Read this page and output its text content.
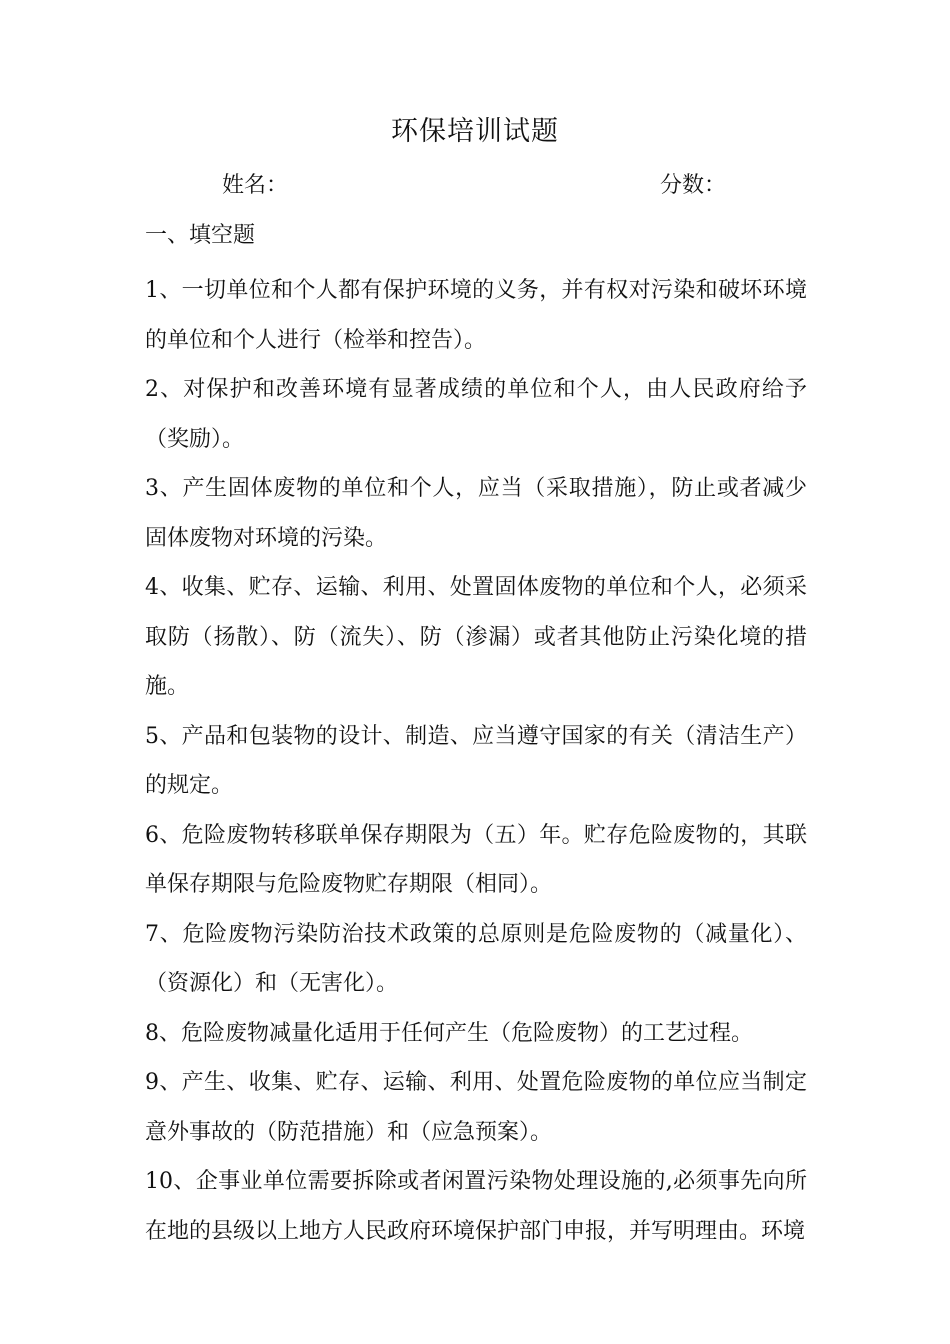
环保培训试题
姓名：	分数：
一、填空题

1、一切单位和个人都有保护环境的义务，并有权对污染和破坏环境的单位和个人进行（检举和控告）。

2、对保护和改善环境有显著成绩的单位和个人，由人民政府给予（奖励）。

3、产生固体废物的单位和个人，应当（采取措施），防止或者减少固体废物对环境的污染。

4、收集、贮存、运输、利用、处置固体废物的单位和个人，必须采取防（扬散）、防（流失）、防（渗漏）或者其他防止污染化境的措施。

5、产品和包装物的设计、制造、应当遵守国家的有关（清洁生产）的规定。

6、危险废物转移联单保存期限为（五）年。贮存危险废物的，其联单保存期限与危险废物贮存期限（相同）。

7、危险废物污染防治技术政策的总原则是危险废物的（减量化）、（资源化）和（无害化）。

8、危险废物减量化适用于任何产生（危险废物）的工艺过程。

9、产生、收集、贮存、运输、利用、处置危险废物的单位应当制定意外事故的（防范措施）和（应急预案）。

10、企事业单位需要拆除或者闲置污染物处理设施的,必须事先向所在地的县级以上地方人民政府环境保护部门申报，并写明理由。环境
